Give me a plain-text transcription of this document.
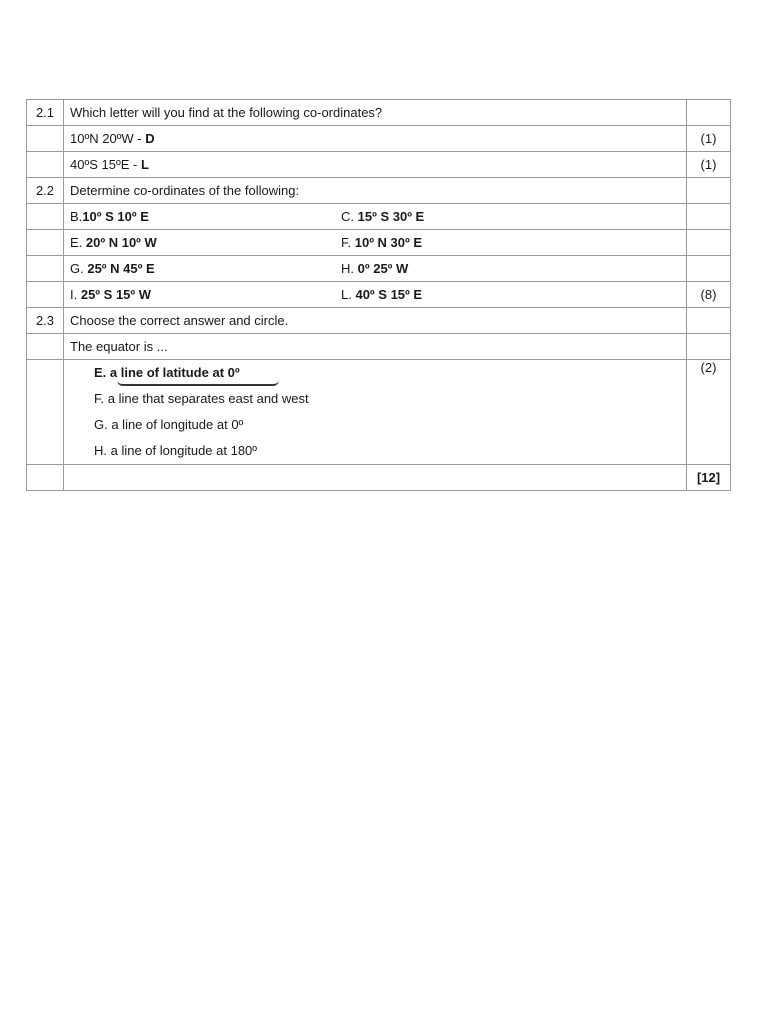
2.1	Which letter will you find at the following co-ordinates?	
	10ºN 20ºW - D	(1)
	40ºS 15ºE - L	(1)
2.2	Determine co-ordinates of the following:	

	B.10º S 10º E C. 15º S 30º E	

	E. 20º N 10º W F. 10º N 30º E	

	G. 25º N 45º E H. 0º 25º W	

	I. 25º S 15º W L. 40º S 15º E	(8)
2.3	Choose the correct answer and circle.	
	The equator is ...	

	E. a line of latitude at 0º
F. a line that separates east and west
G. a line of longitude at 0º
H. a line of longitude at 180º	(2)
		[12]
